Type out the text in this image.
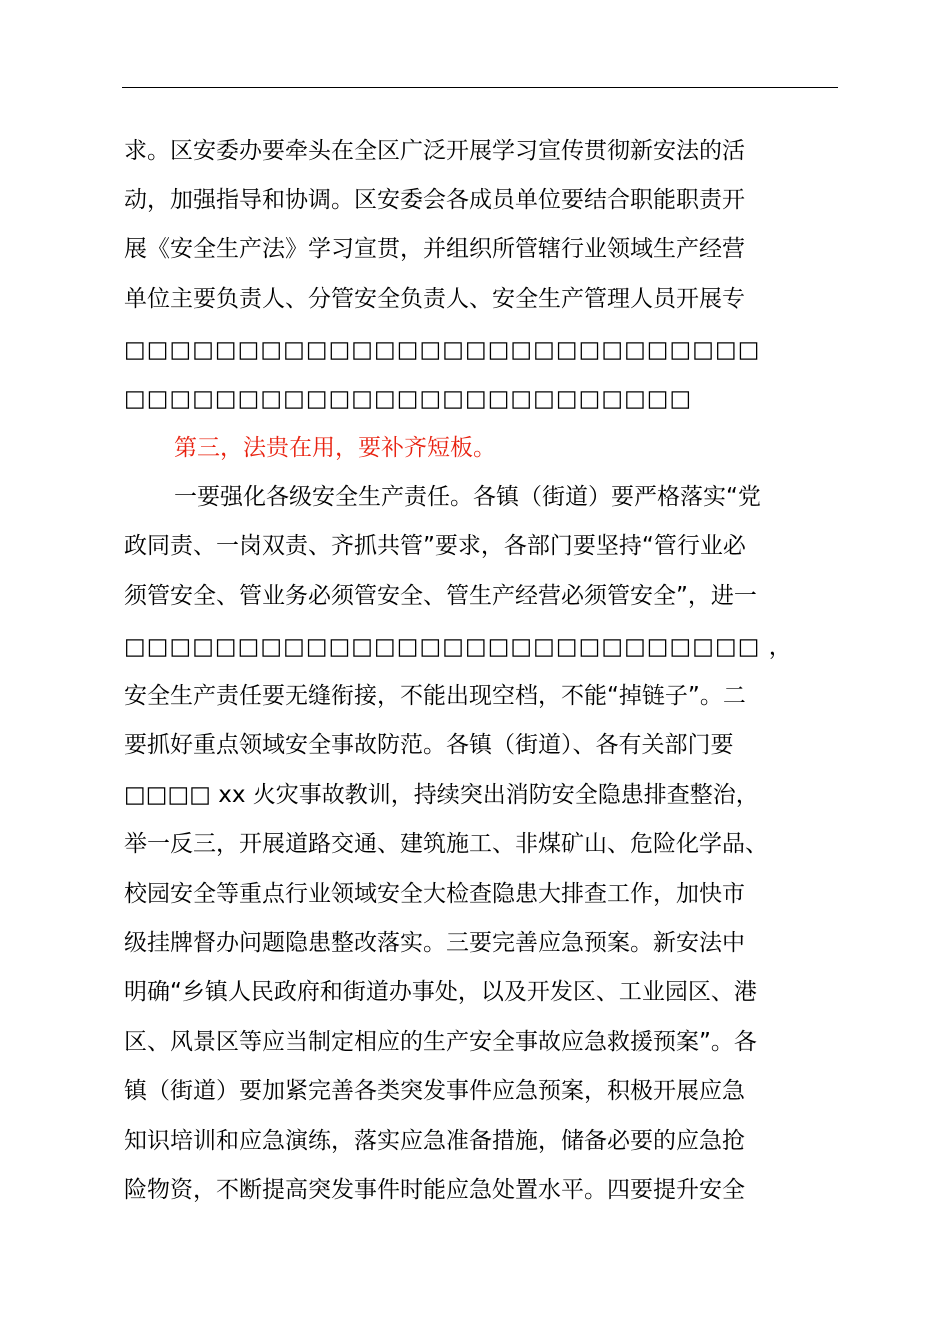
求。区安委办要牵头在全区广泛开展学习宣传贯彻新安法的活
动，加强指导和协调。区安委会各成员单位要结合职能职责开
展《安全生产法》学习宣贯，并组织所管辖行业领域生产经营
单位主要负责人、分管安全负责人、安全生产管理人员开展专
□□□□□□□□□□□□□□□□□□□□□□□□□□□□
□□□□□□□□□□□□□□□□□□□□□□□□□
第三，法贵在用，要补齐短板。
一要强化各级安全生产责任。各镇（街道）要严格落实“党
政同责、一岗双责、齐抓共管”要求，各部门要坚持“管行业必
须管安全、管业务必须管安全、管生产经营必须管安全”，进一
□□□□□□□□□□□□□□□□□□□□□□□□□□□□ ，
安全生产责任要无缝衔接，不能出现空档，不能“掉链子”。二
要抓好重点领域安全事故防范。各镇（街道）、各有关部门要
□□□□ xx 火灾事故教训，持续突出消防安全隐患排查整治，
举一反三，开展道路交通、建筑施工、非煤矿山、危险化学品、
校园安全等重点行业领域安全大检查隐患大排查工作，加快市
级挂牌督办问题隐患整改落实。三要完善应急预案。新安法中
明确“乡镇人民政府和街道办事处，以及开发区、工业园区、港
区、风景区等应当制定相应的生产安全事故应急救援预案”。各
镇（街道）要加紧完善各类突发事件应急预案，积极开展应急
知识培训和应急演练，落实应急准备措施，储备必要的应急抢
险物资，不断提高突发事件时能应急处置水平。四要提升安全
